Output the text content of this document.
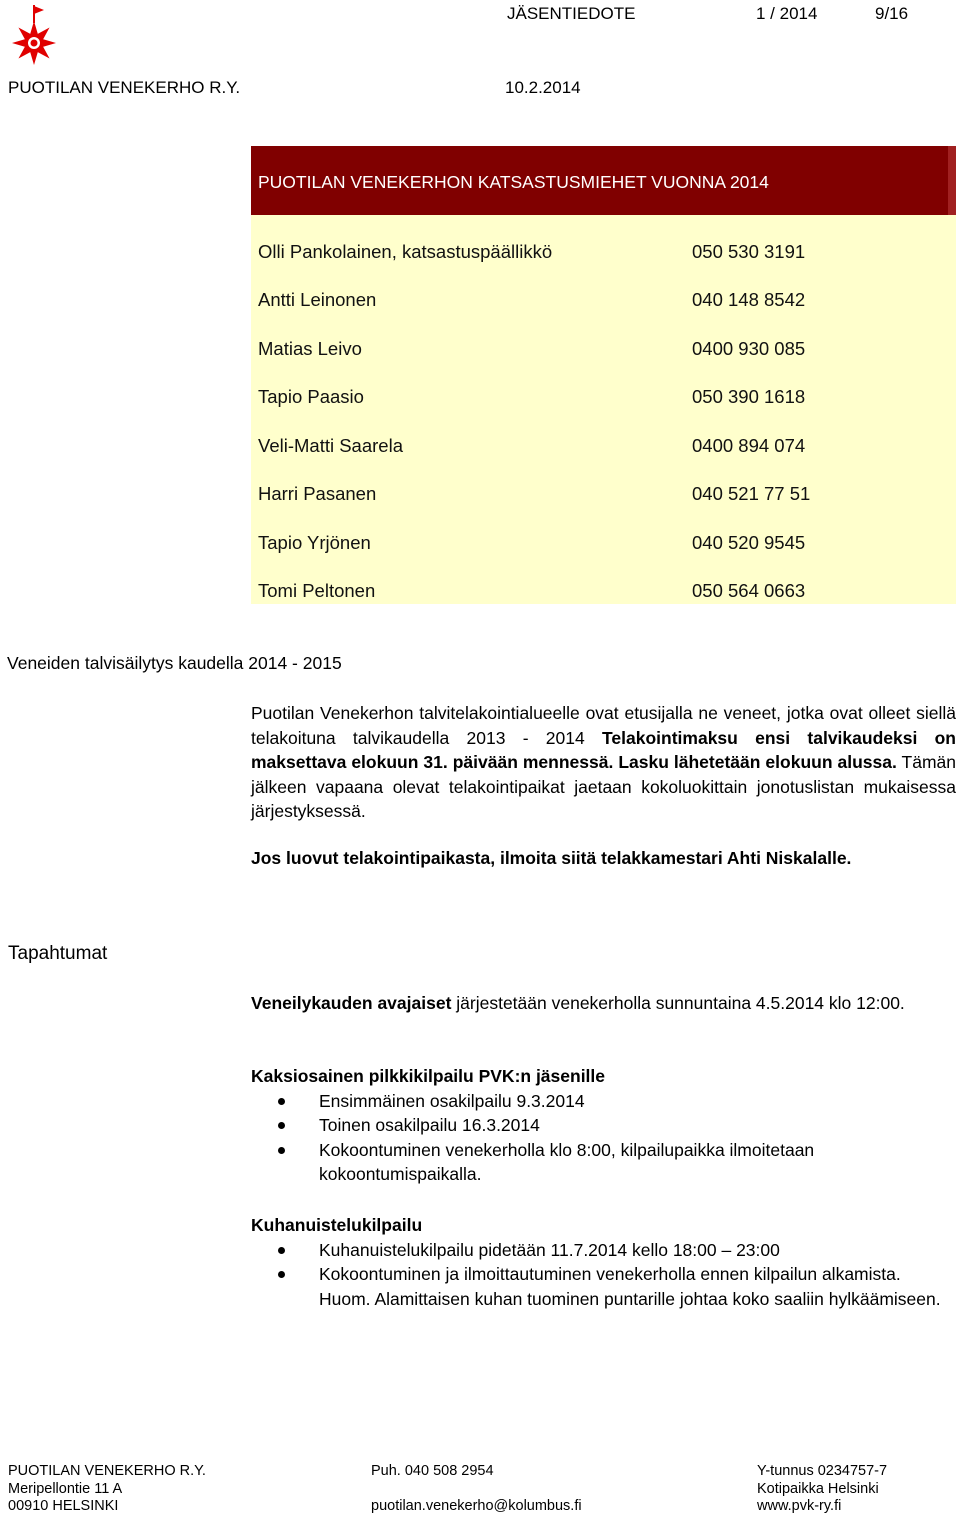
JÄSENTIEDOTE	1 / 2014	9/16
PUOTILAN VENEKERHO R.Y.	10.2.2014
PUOTILAN VENEKERHON KATSASTUSMIEHET VUONNA 2014
Olli Pankolainen, katsastuspäällikkö	050 530 3191
Antti Leinonen	040 148 8542
Matias Leivo	0400 930 085
Tapio Paasio	050 390 1618
Veli-Matti Saarela	0400 894 074
Harri Pasanen	040 521 77 51
Tapio Yrjönen	040 520 9545
Tomi Peltonen	050 564 0663
Veneiden talvisäilytys kaudella 2014 - 2015
Puotilan Venekerhon talvitelakointialueelle ovat etusijalla ne veneet, jotka ovat olleet siellä telakoituna talvikaudella 2013 - 2014 Telakointimaksu ensi talvikaudeksi on maksettava elokuun 31. päivään mennessä. Lasku lähetetään elokuun alussa. Tämän jälkeen vapaana olevat telakointipaikat jaetaan kokoluokittain jonotuslistan mukaisessa järjestyksessä.
Jos luovut telakointipaikasta, ilmoita siitä telakkamestari Ahti Niskalalle.
Tapahtumat
Veneilykauden avajaiset järjestetään venekerholla sunnuntaina 4.5.2014 klo 12:00.
Kaksiosainen pilkkikilpailu PVK:n jäsenille
Ensimmäinen osakilpailu 9.3.2014
Toinen osakilpailu 16.3.2014
Kokoontuminen venekerholla klo 8:00, kilpailupaikka ilmoitetaan kokoontumispaikalla.
Kuhanuistelukilpailu
Kuhanuistelukilpailu pidetään 11.7.2014 kello 18:00 – 23:00
Kokoontuminen ja ilmoittautuminen venekerholla ennen kilpailun alkamista.
Huom. Alamittaisen kuhan tuominen puntarille johtaa koko saaliin hylkäämiseen.
PUOTILAN VENEKERHO R.Y.
Meripellontie 11 A
00910 HELSINKI
Puh. 040 508 2954

puotilan.venekerho@kolumbus.fi
Y-tunnus 0234757-7
Kotipaikka Helsinki
www.pvk-ry.fi
